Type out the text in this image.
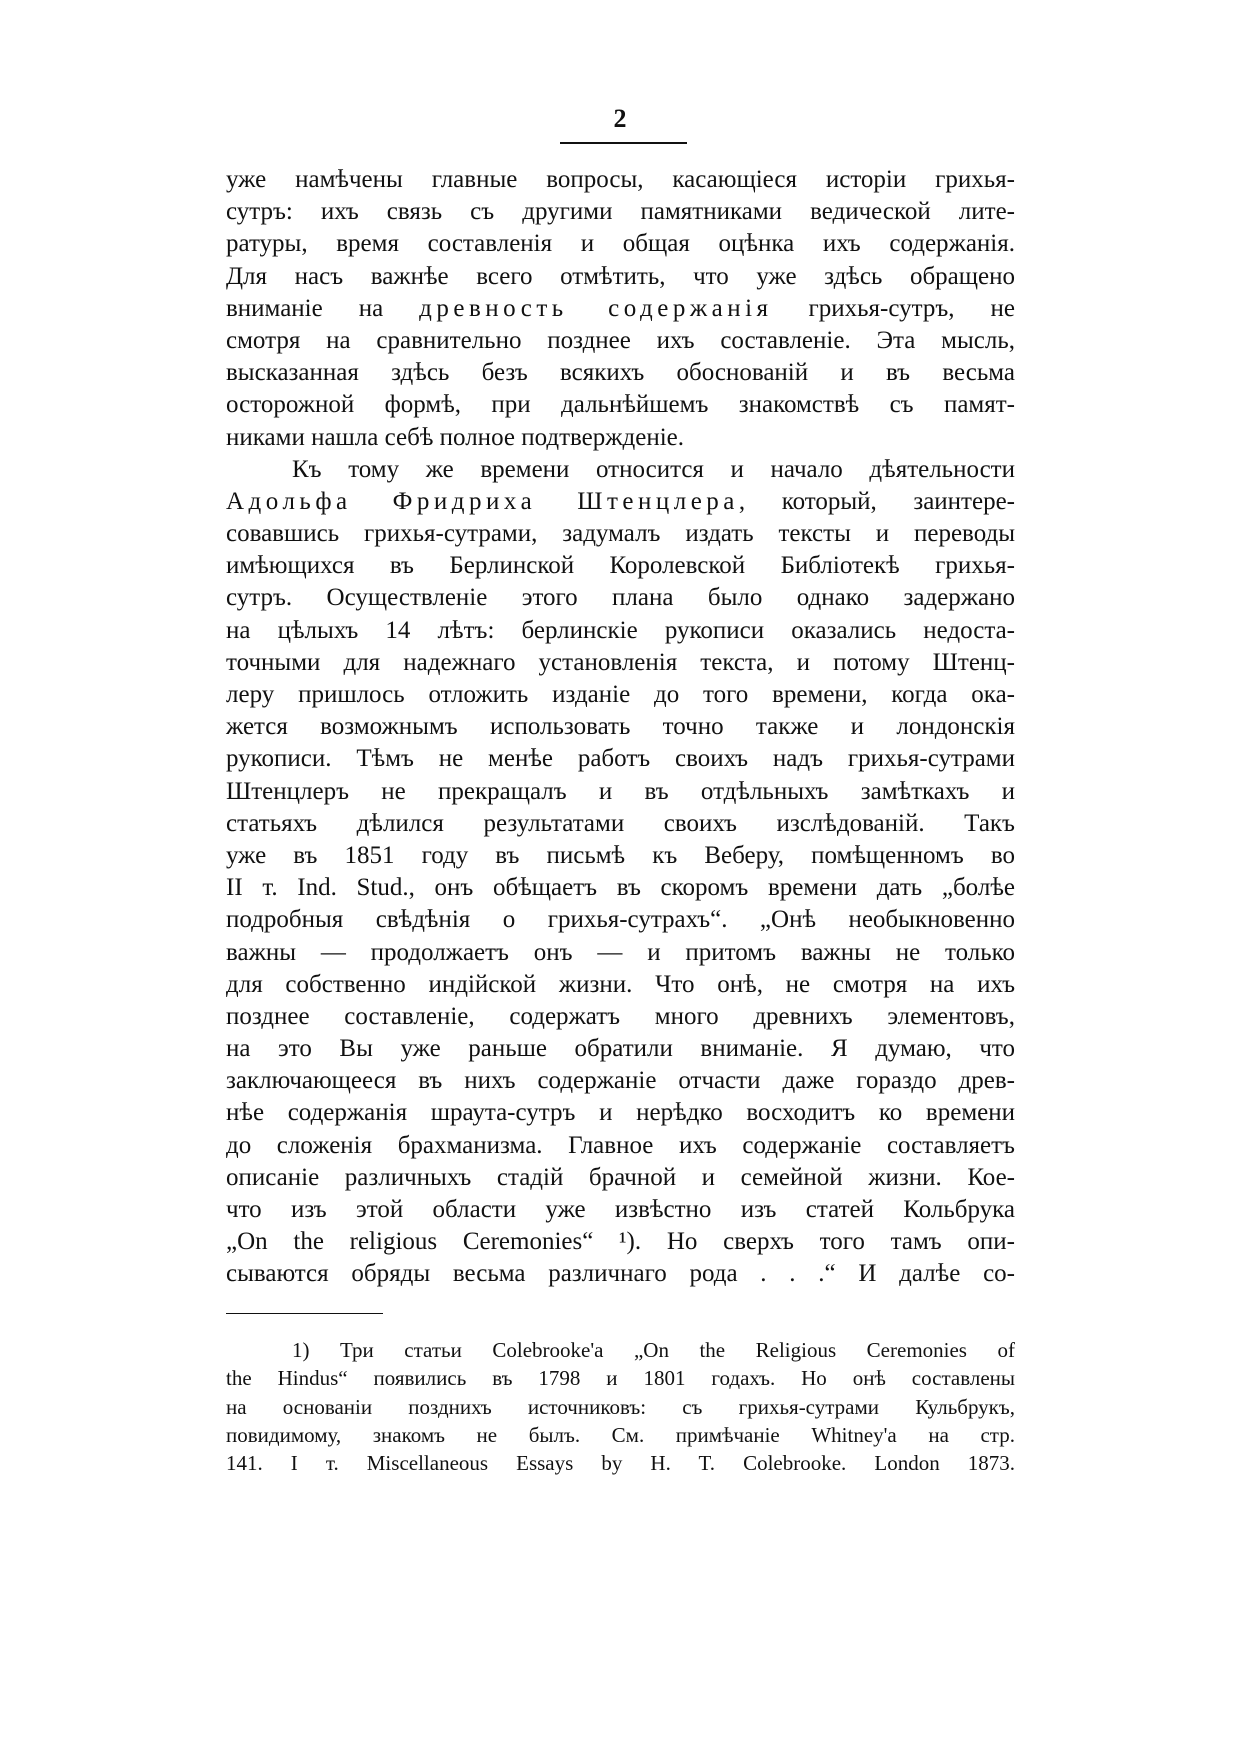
2
уже намѣчены главные вопросы, касающіеся исторіи грихья-
сутръ: ихъ связь съ другими памятниками ведической лите-
ратуры, время составленія и общая оцѣнка ихъ содержанія.
Для насъ важнѣе всего отмѣтить, что уже здѣсь обращено
вниманіе на древность содержанія грихья-сутръ, не
смотря на сравнительно позднее ихъ составленіе. Эта мысль,
высказанная здѣсь безъ всякихъ обоснованій и въ весьма
осторожной формѣ, при дальнѣйшемъ знакомствѣ съ памят-
никами нашла себѣ полное подтвержденіе.
Къ тому же времени относится и начало дѣятельности
Адольфа Фридриха Штенцлера, который, заинтере-
совавшись грихья-сутрами, задумалъ издать тексты и переводы
имѣющихся въ Берлинской Королевской Библіотекѣ грихья-
сутръ. Осуществленіе этого плана было однако задержано
на цѣлыхъ 14 лѣтъ: берлинскіе рукописи оказались недоста-
точными для надежнаго установленія текста, и потому Штенц-
леру пришлось отложить изданіе до того времени, когда ока-
жется возможнымъ использовать точно также и лондонскія
рукописи. Тѣмъ не менѣе работъ своихъ надъ грихья-сутрами
Штенцлеръ не прекращалъ и въ отдѣльныхъ замѣткахъ и
статьяхъ дѣлился результатами своихъ изслѣдованій. Такъ
уже въ 1851 году въ письмѣ къ Веберу, помѣщенномъ во
II т. Ind. Stud., онъ обѣщаетъ въ скоромъ времени дать „болѣе
подробныя свѣдѣнія о грихья-сутрахъ“. „Онѣ необыкновенно
важны — продолжаетъ онъ — и притомъ важны не только
для собственно индійской жизни. Что онѣ, не смотря на ихъ
позднее составленіе, содержатъ много древнихъ элементовъ,
на это Вы уже раньше обратили вниманіе. Я думаю, что
заключающееся въ нихъ содержаніе отчасти даже гораздо древ-
нѣе содержанія шраута-сутръ и нерѣдко восходитъ ко времени
до сложенія брахманизма. Главное ихъ содержаніе составляетъ
описаніе различныхъ стадій брачной и семейной жизни. Кое-
что изъ этой области уже извѣстно изъ статей Кольбрука
„On the religious Ceremonies“ ¹). Но сверхъ того тамъ опи-
сываются обряды весьма различнаго рода . . .“ И далѣе со-
1) Три статьи Colebrooke'а „On the Religious Ceremonies of
the Hindus“ появились въ 1798 и 1801 годахъ. Но онѣ составлены
на основаніи позднихъ источниковъ: съ грихья-сутрами Кульбрукъ,
повидимому, знакомъ не былъ. См. примѣчаніе Whitney'а на стр.
141. I т. Miscellaneous Essays by H. T. Colebrooke. London 1873.
